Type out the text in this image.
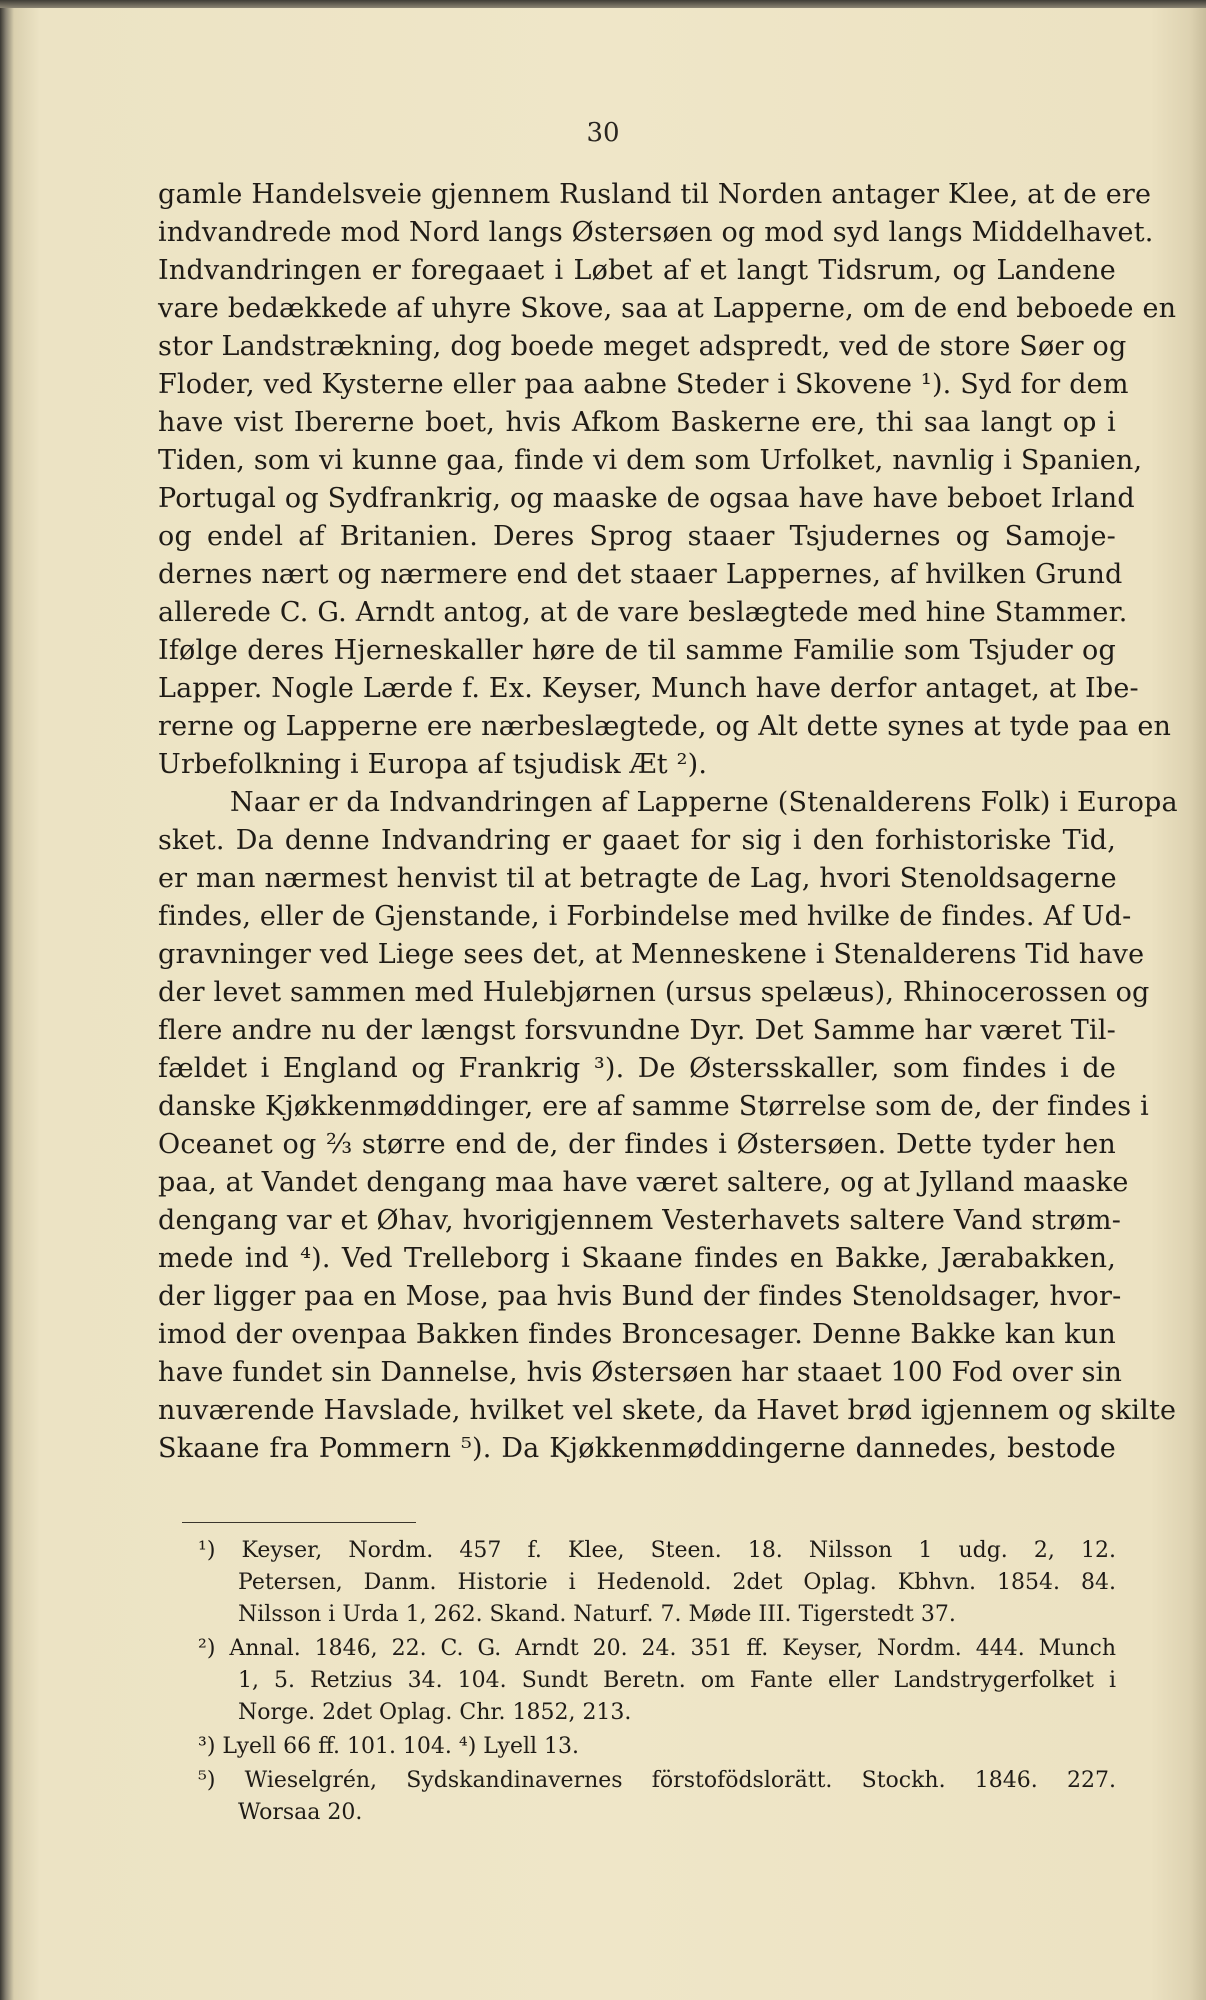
30
gamle Handelsveie gjennem Rusland til Norden antager Klee, at de ere
indvandrede mod Nord langs Østersøen og mod syd langs Middelhavet.
Indvandringen er foregaaet i Løbet af et langt Tidsrum, og Landene
vare bedækkede af uhyre Skove, saa at Lapperne, om de end beboede en
stor Landstrækning, dog boede meget adspredt, ved de store Søer og
Floder, ved Kysterne eller paa aabne Steder i Skovene ¹). Syd for dem
have vist Ibererne boet, hvis Afkom Baskerne ere, thi saa langt op i
Tiden, som vi kunne gaa, finde vi dem som Urfolket, navnlig i Spanien,
Portugal og Sydfrankrig, og maaske de ogsaa have have beboet Irland
og endel af Britanien. Deres Sprog staaer Tsjudernes og Samoje-
dernes nært og nærmere end det staaer Lappernes, af hvilken Grund
allerede C. G. Arndt antog, at de vare beslægtede med hine Stammer.
Ifølge deres Hjerneskaller høre de til samme Familie som Tsjuder og
Lapper. Nogle Lærde f. Ex. Keyser, Munch have derfor antaget, at Ibe-
rerne og Lapperne ere nærbeslægtede, og Alt dette synes at tyde paa en
Urbefolkning i Europa af tsjudisk Æt ²).
Naar er da Indvandringen af Lapperne (Stenalderens Folk) i Europa
sket. Da denne Indvandring er gaaet for sig i den forhistoriske Tid,
er man nærmest henvist til at betragte de Lag, hvori Stenoldsagerne
findes, eller de Gjenstande, i Forbindelse med hvilke de findes. Af Ud-
gravninger ved Liege sees det, at Menneskene i Stenalderens Tid have
der levet sammen med Hulebjørnen (ursus spelæus), Rhinocerossen og
flere andre nu der længst forsvundne Dyr. Det Samme har været Til-
fældet i England og Frankrig ³). De Østersskaller, som findes i de
danske Kjøkkenmøddinger, ere af samme Størrelse som de, der findes i
Oceanet og ⅔ større end de, der findes i Østersøen. Dette tyder hen
paa, at Vandet dengang maa have været saltere, og at Jylland maaske
dengang var et Øhav, hvorigjennem Vesterhavets saltere Vand strøm-
mede ind ⁴). Ved Trelleborg i Skaane findes en Bakke, Jærabakken,
der ligger paa en Mose, paa hvis Bund der findes Stenoldsager, hvor-
imod der ovenpaa Bakken findes Broncesager. Denne Bakke kan kun
have fundet sin Dannelse, hvis Østersøen har staaet 100 Fod over sin
nuværende Havslade, hvilket vel skete, da Havet brød igjennem og skilte
Skaane fra Pommern ⁵). Da Kjøkkenmøddingerne dannedes, bestode
¹) Keyser, Nordm. 457 f. Klee, Steen. 18. Nilsson 1 udg. 2, 12.
Petersen, Danm. Historie i Hedenold. 2det Oplag. Kbhvn. 1854. 84.
Nilsson i Urda 1, 262. Skand. Naturf. 7. Møde III. Tigerstedt 37.
²) Annal. 1846, 22. C. G. Arndt 20. 24. 351 ff. Keyser, Nordm. 444. Munch
1, 5. Retzius 34. 104. Sundt Beretn. om Fante eller Landstrygerfolket i
Norge. 2det Oplag. Chr. 1852, 213.
³) Lyell 66 ff. 101. 104. ⁴) Lyell 13.
⁵) Wieselgrén, Sydskandinavernes förstofödslorätt. Stockh. 1846. 227.
Worsaa 20.
